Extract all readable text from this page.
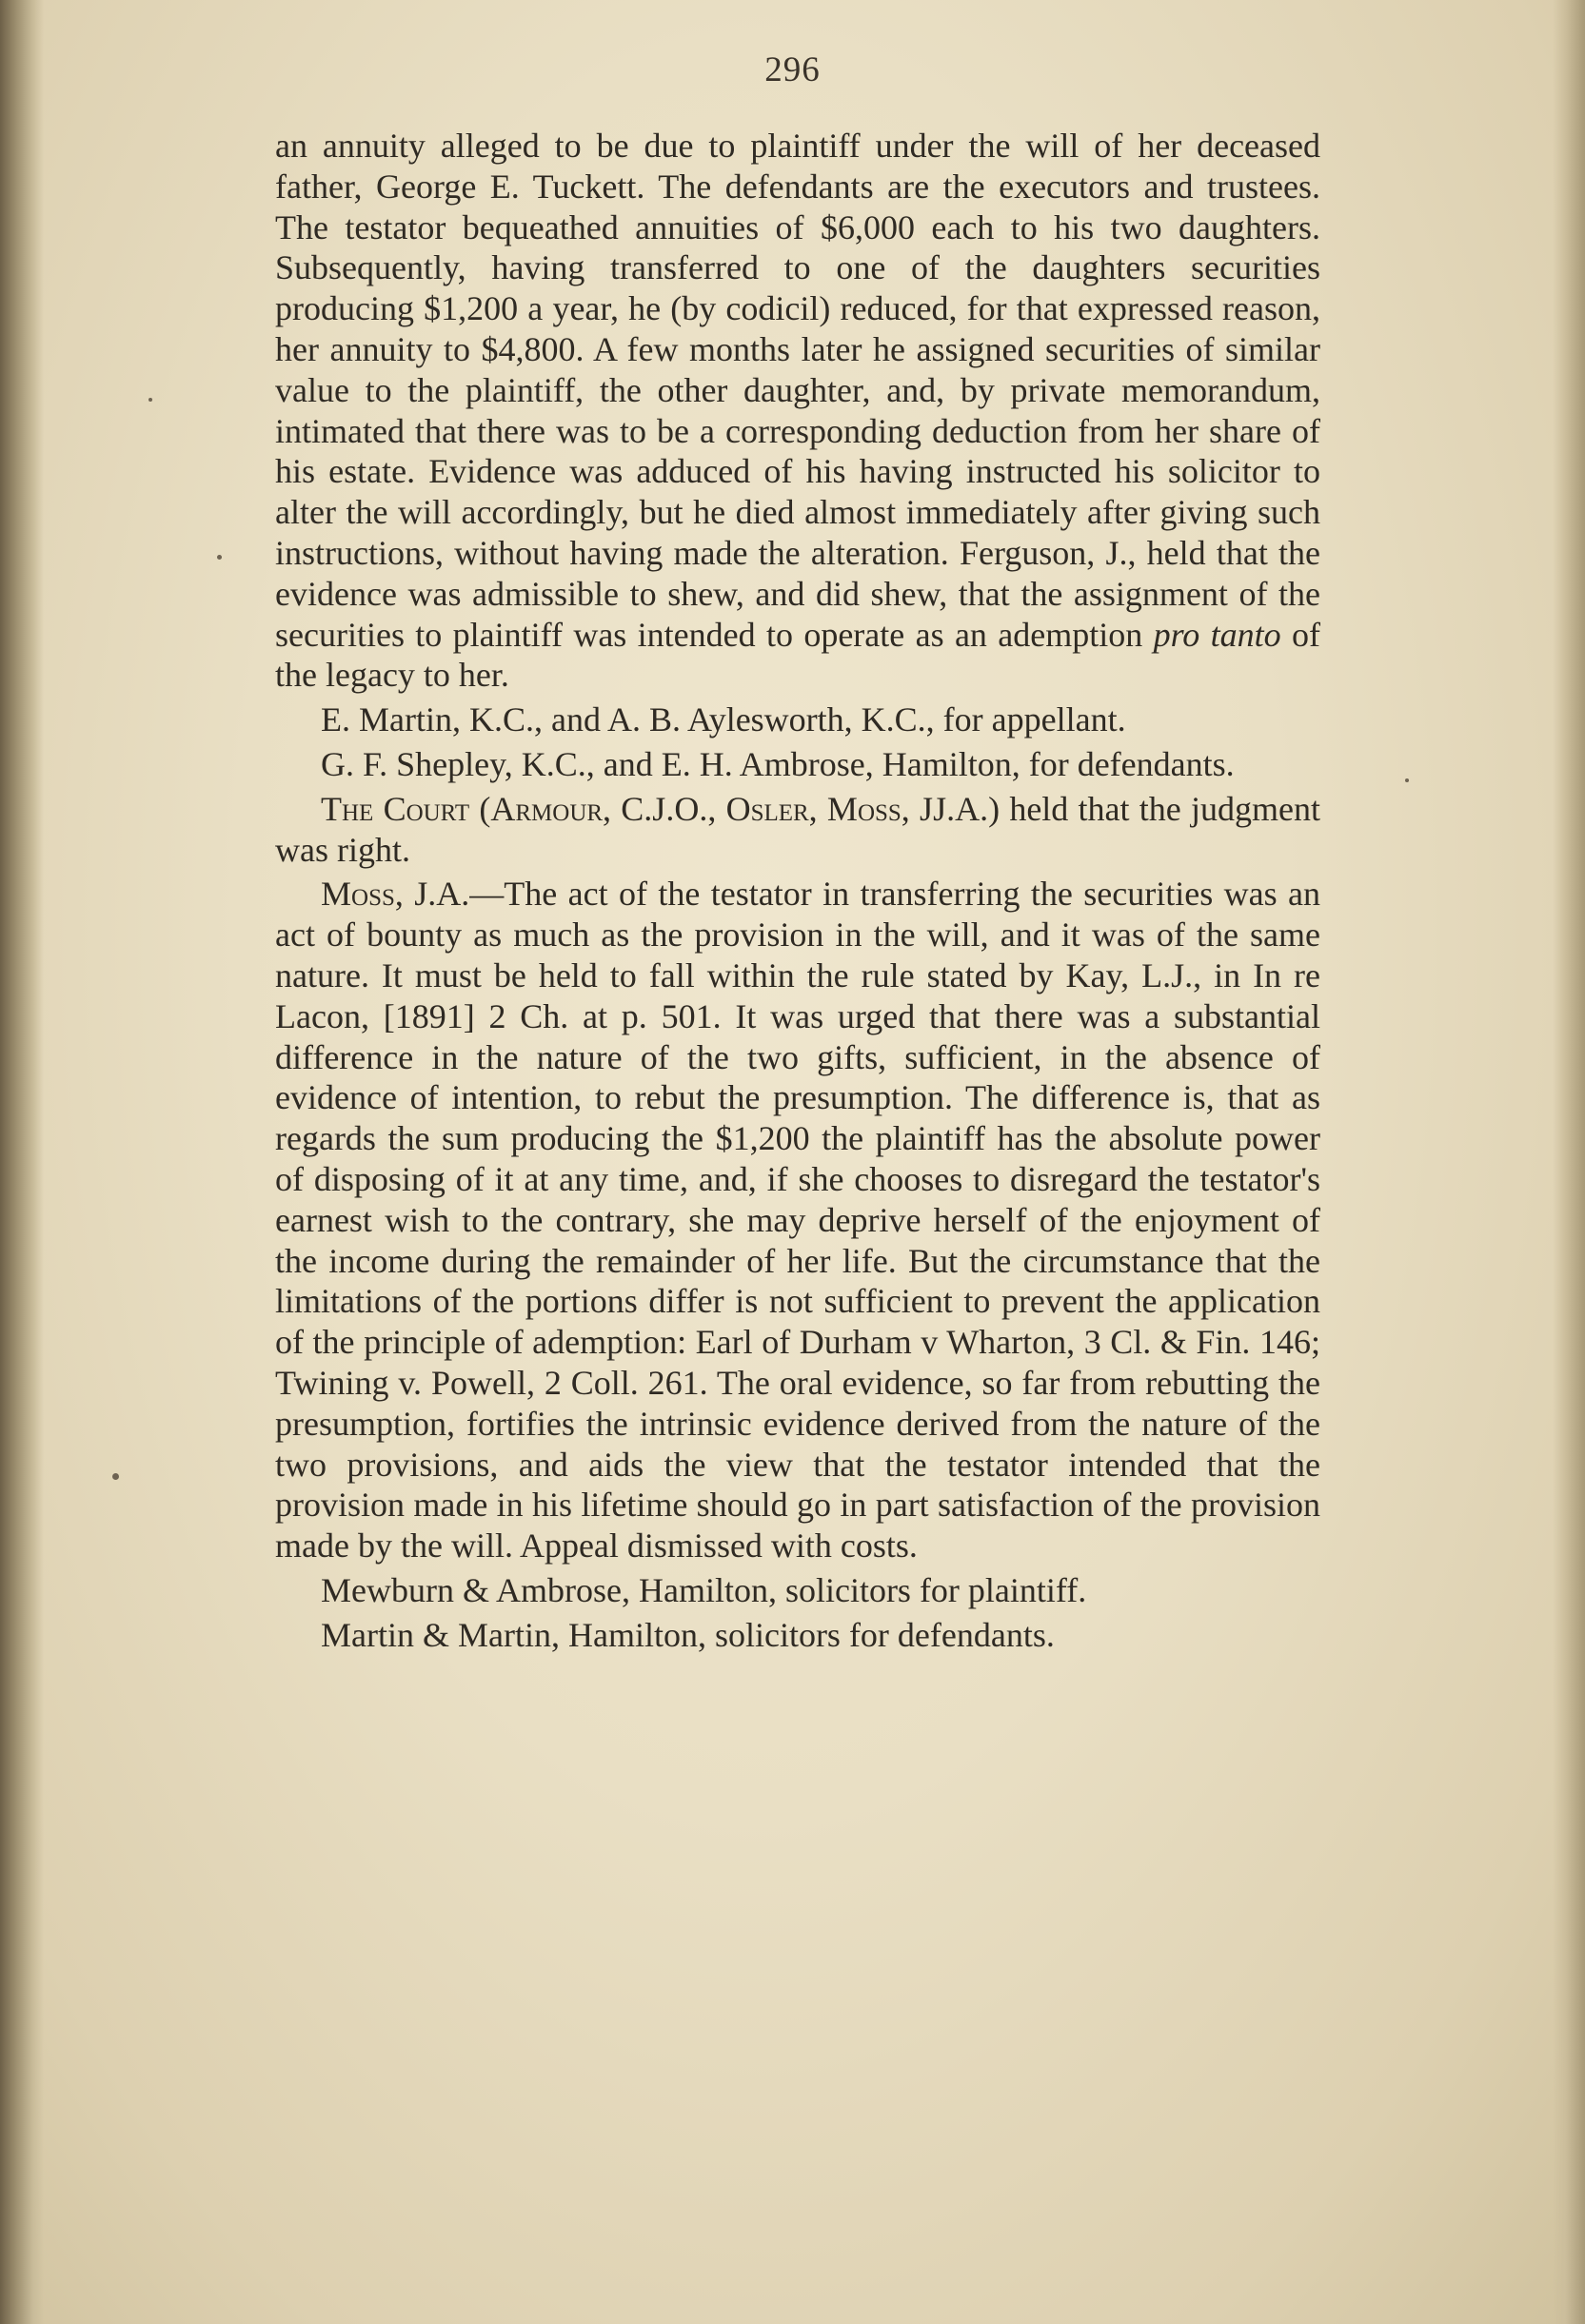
296

an annuity alleged to be due to plaintiff under the will of her deceased father, George E. Tuckett. The defendants are the executors and trustees. The testator bequeathed annuities of $6,000 each to his two daughters. Subsequently, having transferred to one of the daughters securities producing $1,200 a year, he (by codicil) reduced, for that expressed reason, her annuity to $4,800. A few months later he assigned securities of similar value to the plaintiff, the other daughter, and, by private memorandum, intimated that there was to be a corresponding deduction from her share of his estate. Evidence was adduced of his having instructed his solicitor to alter the will accordingly, but he died almost immediately after giving such instructions, without having made the alteration. Ferguson, J., held that the evidence was admissible to shew, and did shew, that the assignment of the securities to plaintiff was intended to operate as an ademption pro tanto of the legacy to her.

E. Martin, K.C., and A. B. Aylesworth, K.C., for appellant.

G. F. Shepley, K.C., and E. H. Ambrose, Hamilton, for defendants.

The Court (Armour, C.J.O., Osler, Moss, JJ.A.) held that the judgment was right.

Moss, J.A.—The act of the testator in transferring the securities was an act of bounty as much as the provision in the will, and it was of the same nature. It must be held to fall within the rule stated by Kay, L.J., in In re Lacon, [1891] 2 Ch. at p. 501. It was urged that there was a substantial difference in the nature of the two gifts, sufficient, in the absence of evidence of intention, to rebut the presumption. The difference is, that as regards the sum producing the $1,200 the plaintiff has the absolute power of disposing of it at any time, and, if she chooses to disregard the testator's earnest wish to the contrary, she may deprive herself of the enjoyment of the income during the remainder of her life. But the circumstance that the limitations of the portions differ is not sufficient to prevent the application of the principle of ademption: Earl of Durham v Wharton, 3 Cl. & Fin. 146; Twining v. Powell, 2 Coll. 261. The oral evidence, so far from rebutting the presumption, fortifies the intrinsic evidence derived from the nature of the two provisions, and aids the view that the testator intended that the provision made in his lifetime should go in part satisfaction of the provision made by the will. Appeal dismissed with costs.

Mewburn & Ambrose, Hamilton, solicitors for plaintiff.

Martin & Martin, Hamilton, solicitors for defendants.
